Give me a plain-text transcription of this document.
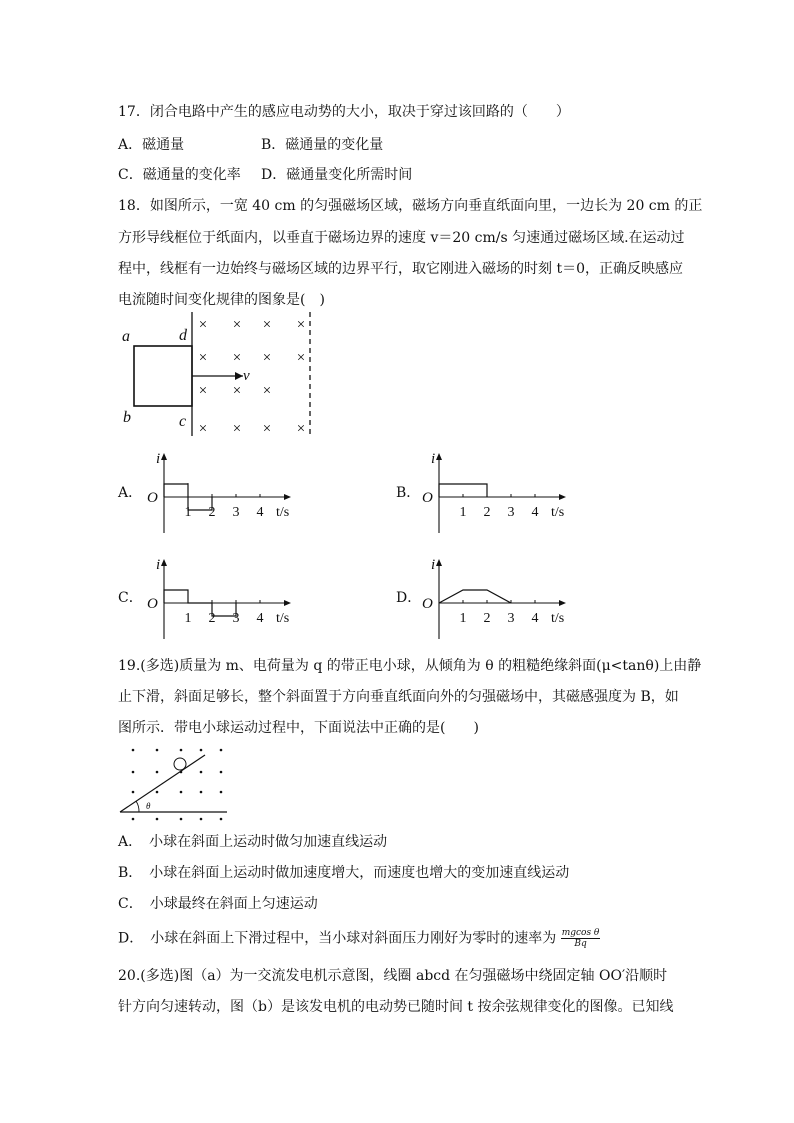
17．闭合电路中产生的感应电动势的大小，取决于穿过该回路的（　　）
A．磁通量	B．磁通量的变化量
C．磁通量的变化率 D．磁通量变化所需时间
18．如图所示，一宽 40 cm 的匀强磁场区域，磁场方向垂直纸面向里，一边长为 20 cm 的正
方形导线框位于纸面内，以垂直于磁场边界的速度 v＝20 cm/s 匀速通过磁场区域.在运动过
程中，线框有一边始终与磁场区域的边界平行，取它刚进入磁场的时刻 t＝0，正确反映感应
电流随时间变化规律的图象是(　)
v
a
b
d
c
× × × ×
× × × ×
× × ×
× × × ×
A．	B．
C．	D．
i
O
t/s
1 2 3 4
i
O
t/s
1 2 3 4
i
O
t/s
1 2 3 4
i
O
t/s
1 2 3 4
19.(多选)质量为 m、电荷量为 q 的带正电小球，从倾角为 θ 的粗糙绝缘斜面(μ<tanθ)上由静
止下滑，斜面足够长，整个斜面置于方向垂直纸面向外的匀强磁场中，其磁感强度为 B，如
图所示．带电小球运动过程中，下面说法中正确的是(　　)
θ
A．　小球在斜面上运动时做匀加速直线运动
B．　小球在斜面上运动时做加速度增大，而速度也增大的变加速直线运动
C．　小球最终在斜面上匀速运动
D．　小球在斜面上下滑过程中，当小球对斜面压力刚好为零时的速率为 $\frac{\text{mgcos θ}}{Bq}$
20.(多选)图（a）为一交流发电机示意图，线圈 abcd 在匀强磁场中绕固定轴 OO′沿顺时
针方向匀速转动，图（b）是该发电机的电动势已随时间 t 按余弦规律变化的图像。已知线
